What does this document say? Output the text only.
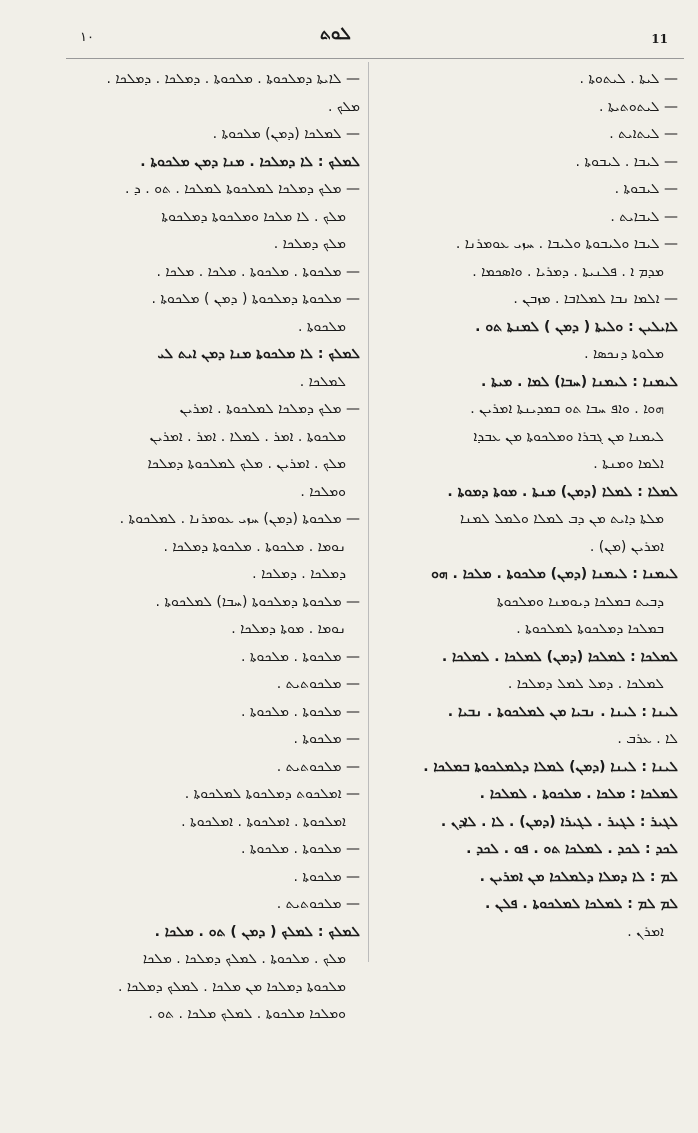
١٠	ܠܘܬ	11
— ܠܝܬܐ . ܠܝܬܘܬܐ .
— ܠܝܬܘܬܝܬܐ .
— ܠܝܬܐܝܬ .
— ܠܝܒܐ . ܠܝܒܘܬܐ .
— ܠܝܒܘܬܐ .
— ܠܝܒܐܝܬ .
— ܠܝܒܐ ܘܠܝܒܘܬܐ ܘܠܝܒܐ . ܚܙܝ ܥܘܡܪܢܐ .
ܡܕܡ ܐ . ܦܠܢܝܬܐ . ܕܡܪܝܐ . ܘܐܣܟܡܐ .
— ܐܠܡܐ ܢܒܐ ܠܡܠܐܒܐ . ܡܙܒܢ .
ܠܐܝܠܝܢ : ܘܠܝܬܐ ( ܕܡܢ ) ܠܡܢܬܐ ܬܘ .
ܡܠܘܬܐ ܕܢܟܣܐ .
ܠܝܡܢܐ : ܠܝܡܢܐ (ܚܒܐ) ܠܡܐ . ܡܝܬܐ .
ܗܘܐ . ܘܐܦ ܚܒܐ ܬܘ ܒܡܕܝܢܬܐ ܐܡܪܝܢ .
ܠܝܡܢܐ ܡܢ ܓܒܪܐ ܘܡܠܟܘܬܐ ܡܢ ܥܒܕܐ
ܐܠܡܐ ܘܡܢܬܐ .
ܠܡܠܐ : ܠܡܠܐ (ܕܡܢ) ܡܢܬܐ . ܡܘܬܐ ܕܡܘܬܐ .
ܡܠܬܐ ܕܐܝܬ ܡܢ ܕܒ ܠܡܠܐ ܘܠܡܠ ܠܡܢܐ
ܐܡܪܝܢ (ܡܢ) .
ܠܝܡܢܐ : ܠܝܡܢܐ (ܕܡܢ) ܡܠܟܘܬܐ . ܡܠܟܐ . ܗܘ
ܕܒܝܬ ܒܡܠܟܐ ܕܝܘܡܢܐ ܘܡܠܟܘܬܐ
ܒܡܠܟܐ ܕܡܠܟܘܬܐ ܠܡܠܟܘܬܐ .
ܠܡܠܟܐ : ܠܡܠܟܐ (ܕܡܢ) ܠܡܠܟܐ . ܠܡܠܟܐ .
ܠܡܠܟܐ . ܕܡܠ ܠܡܠ ܕܡܠܟܐ .
ܠܝܢܐ : ܠܝܢܐ . ܢܒܝܐ ܡܢ ܠܡܠܟܘܬܐ . ܢܒܝܐ .
ܠܐ . ܥܪܒ .
ܠܝܢܐ : ܠܝܢܐ (ܕܡܢ) ܠܡܠܐ ܕܠܡܠܟܘܬܐ ܒܡܠܟܐ .
ܠܡܠܟܐ : ܡܠܟܐ . ܡܠܟܘܬܐ . ܠܡܠܟܐ .
ܠܓܝܪ : ܠܓܝܪ . ܠܓܝܪܐ (ܕܡܢ) . ܠܐ . ܠܐܕܢ .
ܠܟܕ : ܠܟܕ . ܠܡܠܟܐ ܬܘ . ܦܘ . ܠܟܕ .
ܠܡ : ܠܐ ܕܡܠܐ ܕܠܡܠܟܐ ܡܢ ܐܡܪܝܢ .
ܠܡ ܠܡ : ܠܡܠܟܐ ܠܡܠܟܘܬܐ . ܦܠܢ .
ܐܡܪܢ .
— ܠܐܝܬܐ ܕܡܠܟܘܬܐ . ܡܠܟܘܬܐ . ܕܡܠܟܐ . ܕܡܠܟܐ .
ܡܠܟ .
— ܠܡܠܟܐ (ܕܡܢ) ܡܠܟܘܬܐ .
ܠܡܠܟ : ܠܐ ܕܡܠܟܐ . ܡܢܐ ܕܡܢ ܡܠܟܘܬܐ .
— ܡܠܟ ܕܡܠܟܐ ܠܡܠܟܘܬܐ ܠܡܠܟܐ . ܬܘ . ܕ .
ܡܠܟ . ܠܐ ܡܠܟܐ ܘܡܠܟܘܬܐ ܕܡܠܟܘܬܐ
ܡܠܟ ܕܡܠܟܐ .
— ܡܠܟܘܬܐ . ܡܠܟܘܬܐ . ܡܠܟܐ . ܡܠܟܐ .
— ܡܠܟܘܬܐ ܕܡܠܟܘܬܐ ( ܕܡܢ ) ܡܠܟܘܬܐ .
ܡܠܟܘܬܐ .
ܠܡܠܟ : ܠܐ ܡܠܟܘܬܐ ܡܢܐ ܕܡܢ ܐܝܬ ܠܝ
ܠܡܠܟܐ .
— ܡܠܟ ܕܡܠܟܐ ܠܡܠܟܘܬܐ . ܐܡܪܝܢ
ܡܠܟܘܬܐ . ܐܡܪ . ܠܡܠܐ . ܐܡܪ . ܐܡܪܝܢ
ܡܠܟ . ܐܡܪܝܢ . ܡܠܟ ܠܡܠܟܘܬܐ ܕܡܠܟܐ
ܘܡܠܟܐ .
— ܡܠܟܘܬܐ (ܕܡܢ) ܚܙܝ ܥܘܡܪܢܐ . ܠܡܠܟܘܬܐ .
ܢܘܡܐ . ܡܠܟܘܬܐ . ܡܠܟܘܬܐ ܕܡܠܟܐ .
ܕܡܠܟܐ . ܕܡܠܟܐ .
— ܡܠܟܘܬܐ ܕܡܠܟܘܬܐ (ܚܒܐ) ܠܡܠܟܘܬܐ .
ܢܘܡܐ . ܡܘܬܐ ܕܡܠܟܐ .
— ܡܠܟܘܬܐ . ܡܠܟܘܬܐ .
— ܡܠܟܘܬܝܬ .
— ܡܠܟܘܬܐ . ܡܠܟܘܬܐ .
— ܡܠܟܘܬܐ .
— ܡܠܟܘܬܝܬ .
— ܐܡܠܟܘܬ ܕܡܠܟܘܬܐ ܠܡܠܟܘܬܐ .
ܐܡܠܟܘܬܐ . ܐܡܠܟܘܬܐ . ܐܡܠܟܘܬܐ .
— ܡܠܟܘܬܐ . ܡܠܟܘܬܐ .
— ܡܠܟܘܬܐ .
— ܡܠܟܘܬܝܬ .
ܠܡܠܟ : ܠܡܠܟ ( ܕܡܢ ) ܬܘ . ܡܠܟܐ .
ܡܠܟ . ܡܠܟܘܬܐ . ܠܡܠܟ ܕܡܠܟܐ . ܡܠܟܐ
ܡܠܟܘܬܐ ܕܡܠܟܐ ܡܢ ܡܠܟܐ . ܠܡܠܟ ܕܡܠܟܐ .
ܘܡܠܟܐ ܡܠܟܘܬܐ . ܠܡܠܟ ܡܠܟܐ . ܬܘ .
